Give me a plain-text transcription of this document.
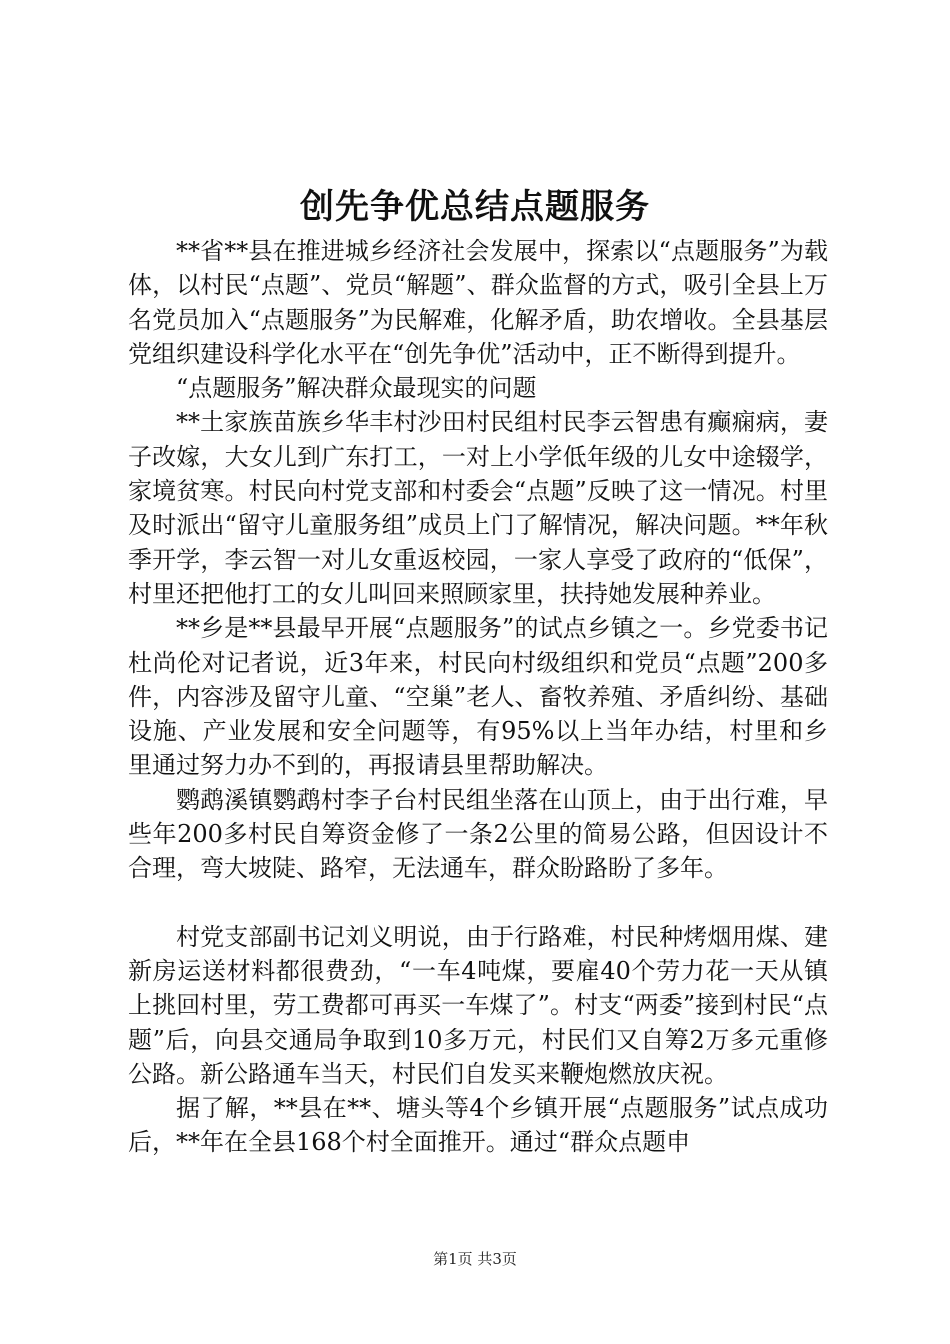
创先争优总结点题服务

**省**县在推进城乡经济社会发展中，探索以“点题服务”为载体，以村民“点题”、党员“解题”、群众监督的方式，吸引全县上万名党员加入“点题服务”为民解难，化解矛盾，助农增收。全县基层党组织建设科学化水平在“创先争优”活动中，正不断得到提升。

“点题服务”解决群众最现实的问题

**土家族苗族乡华丰村沙田村民组村民李云智患有癫痫病，妻子改嫁，大女儿到广东打工，一对上小学低年级的儿女中途辍学，家境贫寒。村民向村党支部和村委会“点题”反映了这一情况。村里及时派出“留守儿童服务组”成员上门了解情况，解决问题。**年秋季开学，李云智一对儿女重返校园，一家人享受了政府的“低保”，村里还把他打工的女儿叫回来照顾家里，扶持她发展种养业。

**乡是**县最早开展“点题服务”的试点乡镇之一。乡党委书记杜尚伦对记者说，近3年来，村民向村级组织和党员“点题”200多件，内容涉及留守儿童、“空巢”老人、畜牧养殖、矛盾纠纷、基础设施、产业发展和安全问题等，有95%以上当年办结，村里和乡里通过努力办不到的，再报请县里帮助解决。

鹦鹉溪镇鹦鹉村李子台村民组坐落在山顶上，由于出行难，早些年200多村民自筹资金修了一条2公里的简易公路，但因设计不合理，弯大坡陡、路窄，无法通车，群众盼路盼了多年。

村党支部副书记刘义明说，由于行路难，村民种烤烟用煤、建新房运送材料都很费劲，“一车4吨煤，要雇40个劳力花一天从镇上挑回村里，劳工费都可再买一车煤了”。村支“两委”接到村民“点题”后，向县交通局争取到10多万元，村民们又自筹2万多元重修公路。新公路通车当天，村民们自发买来鞭炮燃放庆祝。

据了解，**县在**、塘头等4个乡镇开展“点题服务”试点成功后，**年在全县168个村全面推开。通过“群众点题申

第1页 共3页
